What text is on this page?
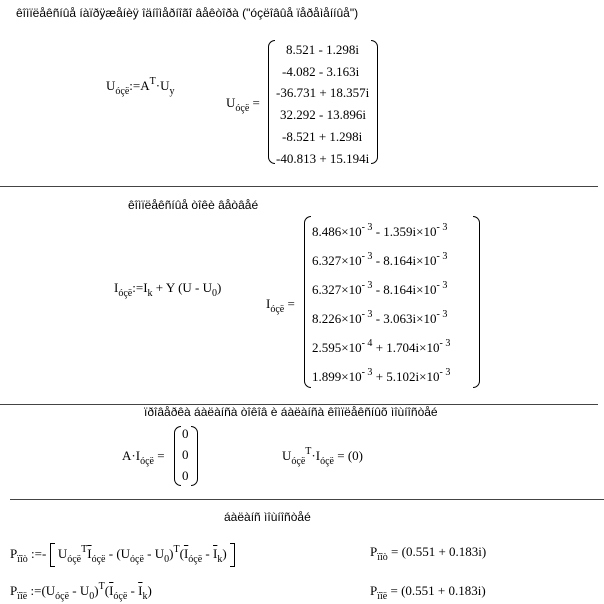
êîìïëåêñíûå íàïðÿæåíèÿ îäíîìåðíîãî âåêòîðà ("óçëîâûå ïåðåìåííûå")
$U_{óçë}:=A^T\cdot U_y$
$U_{óçë}$ =
8.521 - 1.298i
-4.082 - 3.163i
-36.731 + 18.357i
32.292 - 13.896i
-8.521 + 1.298i
-40.813 + 15.194i
êîìïëåêñíûå òîêè âåòâåé
$I_{óçë}:=I_k + Y$ $(U - U_0)$
$I_{óçë}$ =
$8.486\times 10^{- 3} - 1.359i\times 10^{- 3}$
$6.327\times 10^{- 3} - 8.164i\times 10^{- 3}$
$6.327\times 10^{- 3} - 8.164i\times 10^{- 3}$
$8.226\times 10^{- 3} - 3.063i\times 10^{- 3}$
$2.595\times 10^{- 4} + 1.704i\times 10^{- 3}$
$1.899\times 10^{- 3} + 5.102i\times 10^{- 3}$
ïðîâåðêà áàëàíñà òîêîâ è áàëàíñà êîìïëåêñíûõ ìîùíîñòåé
$A\cdot I_{óçë}$ =
0
0
0
$U_{óçë}^T\cdot I_{óçë} = (0)$
áàëàíñ ìîùíîñòåé
$P_{ïîò}$ :=- $U_{óçë}^T\overline{I}_{óçë} - (U_{óçë} - U_0)^T(\overline{I}_{óçë} - \overline{I}_k)$	$P_{ïîò} = (0.551 + 0.183i)$
$P_{ïîë}$ $:=(U_{óçë} - U_0)^T(\overline{I}_{óçë} - \overline{I}_k)$	$P_{ïîë} = (0.551 + 0.183i)$
